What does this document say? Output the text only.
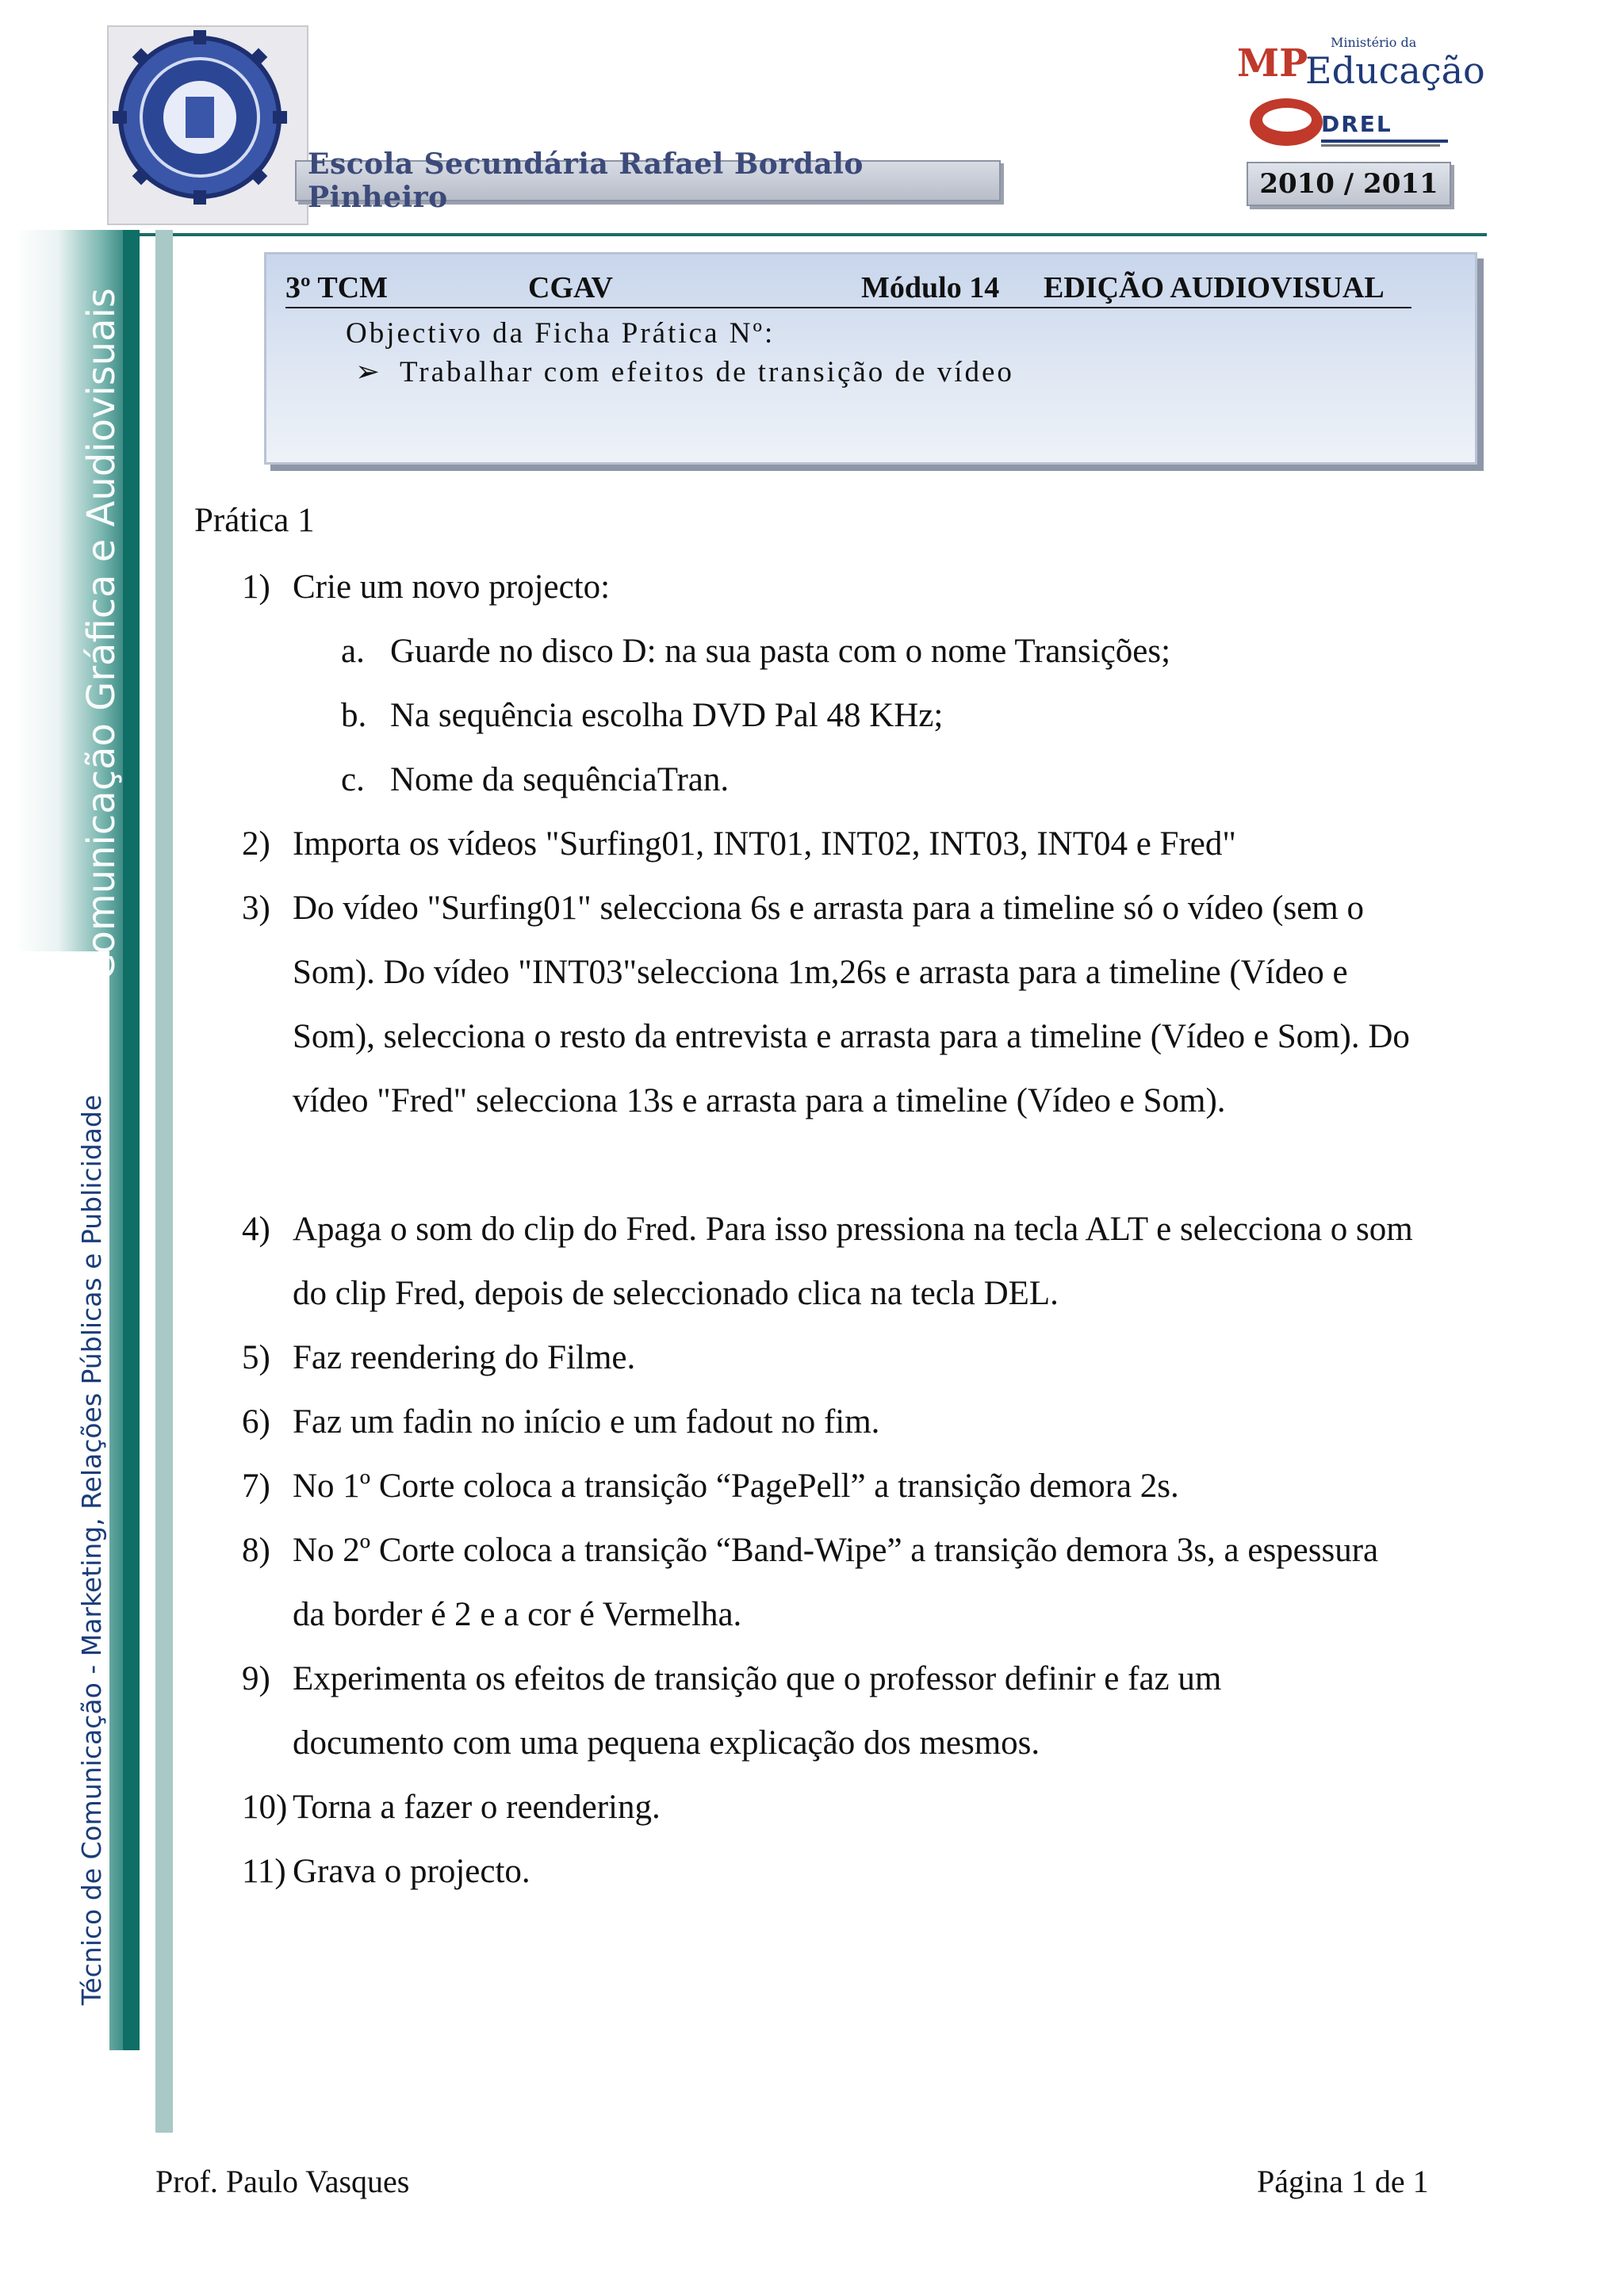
Escola Secundária Rafael Bordalo Pinheiro
MP Ministério da
Educação
DREL
2010 / 2011
Comunicação Gráfica e Audiovisuais
Técnico de Comunicação - Marketing, Relações Públicas e Publicidade
3º TCM	CGAV	Módulo 14 EDIÇÃO AUDIOVISUAL
Objectivo da Ficha Prática Nº:
➢ Trabalhar com efeitos de transição de vídeo
Prática 1
1) Crie um novo projecto:
a. Guarde no disco D: na sua pasta com o nome Transições;
b. Na sequência escolha DVD Pal 48 KHz;
c. Nome da sequênciaTran.
2) Importa os vídeos "Surfing01, INT01, INT02, INT03, INT04 e Fred"
3) Do vídeo "Surfing01" selecciona 6s e arrasta para a timeline só o vídeo (sem o Som). Do vídeo "INT03"selecciona 1m,26s e arrasta para a timeline (Vídeo e Som), selecciona o resto da entrevista e arrasta para a timeline (Vídeo e Som). Do vídeo "Fred" selecciona 13s e arrasta para a timeline (Vídeo e Som).
4) Apaga o som do clip do Fred. Para isso pressiona na tecla ALT e selecciona o som do clip Fred, depois de seleccionado clica na tecla DEL.
5) Faz reendering do Filme.
6) Faz um fadin no início e um fadout no fim.
7) No 1º Corte coloca a transição “PagePell” a transição demora 2s.
8) No 2º Corte coloca a transição “Band-Wipe” a transição demora 3s, a espessura da border é 2 e a cor é Vermelha.
9) Experimenta os efeitos de transição que o professor definir e faz um documento com uma pequena explicação dos mesmos.
10) Torna a fazer o reendering.
11) Grava o projecto.
Prof. Paulo Vasques	Página 1 de 1
